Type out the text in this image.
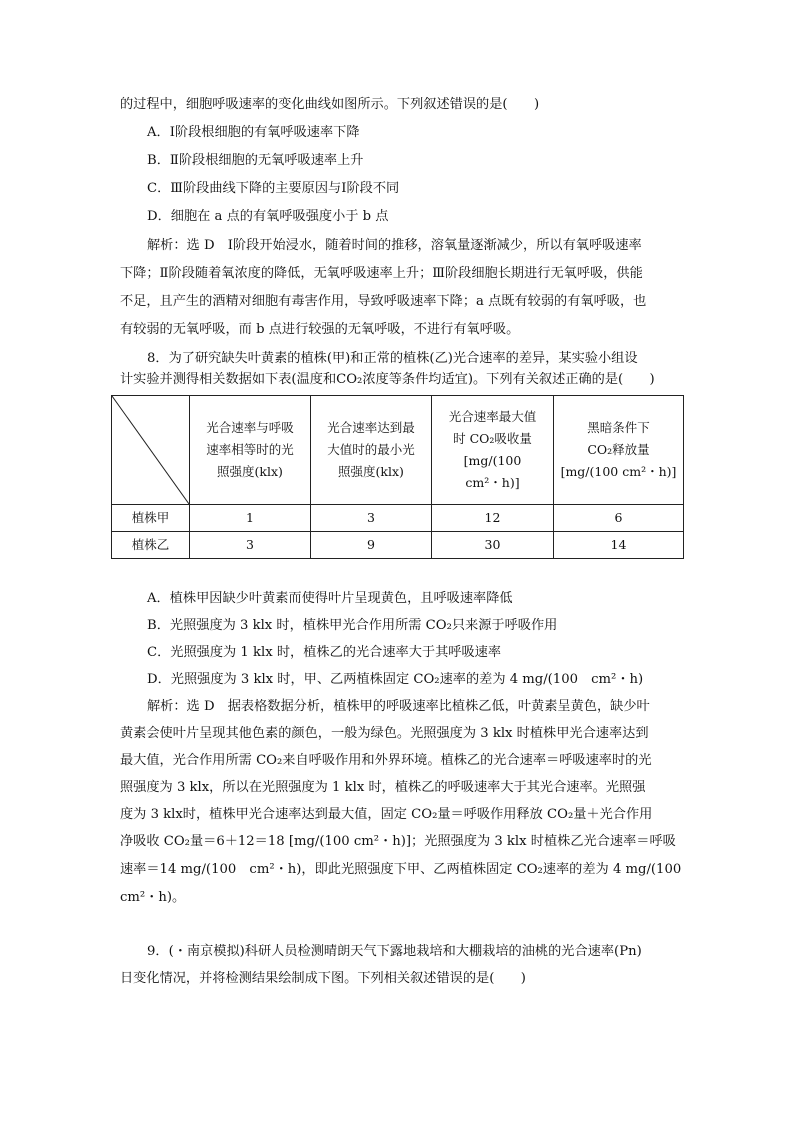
的过程中，细胞呼吸速率的变化曲线如图所示。下列叙述错误的是(　　)
A．Ⅰ阶段根细胞的有氧呼吸速率下降
B．Ⅱ阶段根细胞的无氧呼吸速率上升
C．Ⅲ阶段曲线下降的主要原因与Ⅰ阶段不同
D．细胞在 a 点的有氧呼吸强度小于 b 点
解析：选 D　Ⅰ阶段开始浸水，随着时间的推移，溶氧量逐渐减少，所以有氧呼吸速率
下降；Ⅱ阶段随着氧浓度的降低，无氧呼吸速率上升；Ⅲ阶段细胞长期进行无氧呼吸，供能
不足，且产生的酒精对细胞有毒害作用，导致呼吸速率下降；a 点既有较弱的有氧呼吸，也
有较弱的无氧呼吸，而 b 点进行较强的无氧呼吸，不进行有氧呼吸。
8．为了研究缺失叶黄素的植株(甲)和正常的植株(乙)光合速率的差异，某实验小组设
计实验并测得相关数据如下表(温度和CO₂浓度等条件均适宜)。下列有关叙述正确的是(　　)

光合速率与呼吸
速率相等时的光
照强度(klx)	光合速率达到最
大值时的最小光
照强度(klx)	光合速率最大值
时 CO₂吸收量
[mg/(100
cm²・h)]	黑暗条件下
CO₂释放量
[mg/(100 cm²・h)]

植株甲	1	3	12	6
植株乙	3	9	30	14
A．植株甲因缺少叶黄素而使得叶片呈现黄色，且呼吸速率降低
B．光照强度为 3 klx 时，植株甲光合作用所需 CO₂只来源于呼吸作用
C．光照强度为 1 klx 时，植株乙的光合速率大于其呼吸速率
D．光照强度为 3 klx 时，甲、乙两植株固定 CO₂速率的差为 4 mg/(100　cm²・h)
解析：选 D　据表格数据分析，植株甲的呼吸速率比植株乙低，叶黄素呈黄色，缺少叶
黄素会使叶片呈现其他色素的颜色，一般为绿色。光照强度为 3 klx 时植株甲光合速率达到
最大值，光合作用所需 CO₂来自呼吸作用和外界环境。植株乙的光合速率＝呼吸速率时的光
照强度为 3 klx，所以在光照强度为 1 klx 时，植株乙的呼吸速率大于其光合速率。光照强
度为 3 klx时，植株甲光合速率达到最大值，固定 CO₂量＝呼吸作用释放 CO₂量＋光合作用
净吸收 CO₂量＝6＋12＝18 [mg/(100 cm²・h)]；光照强度为 3 klx 时植株乙光合速率＝呼吸
速率＝14 mg/(100　cm²・h)，即此光照强度下甲、乙两植株固定 CO₂速率的差为 4 mg/(100
cm²・h)。
9．(・南京模拟)科研人员检测晴朗天气下露地栽培和大棚栽培的油桃的光合速率(Pn)
日变化情况，并将检测结果绘制成下图。下列相关叙述错误的是(　　)
